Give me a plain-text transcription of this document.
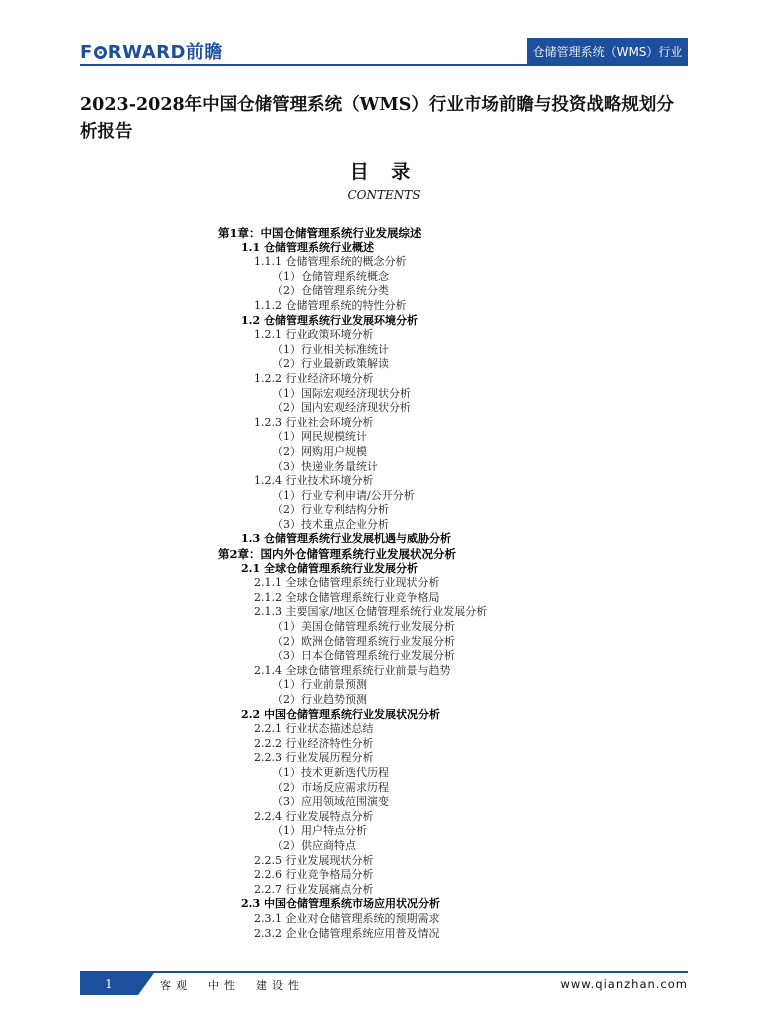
F RWARD前瞻	仓储管理系统（WMS）行业
2023-2028年中国仓储管理系统（WMS）行业市场前瞻与投资战略规划分析报告
目 录
CONTENTS
第1章：中国仓储管理系统行业发展综述
1.1 仓储管理系统行业概述
1.1.1 仓储管理系统的概念分析
（1）仓储管理系统概念
（2）仓储管理系统分类
1.1.2 仓储管理系统的特性分析
1.2 仓储管理系统行业发展环境分析
1.2.1 行业政策环境分析
（1）行业相关标准统计
（2）行业最新政策解读
1.2.2 行业经济环境分析
（1）国际宏观经济现状分析
（2）国内宏观经济现状分析
1.2.3 行业社会环境分析
（1）网民规模统计
（2）网购用户规模
（3）快递业务量统计
1.2.4 行业技术环境分析
（1）行业专利申请/公开分析
（2）行业专利结构分析
（3）技术重点企业分析
1.3 仓储管理系统行业发展机遇与威胁分析
第2章：国内外仓储管理系统行业发展状况分析
2.1 全球仓储管理系统行业发展分析
2.1.1 全球仓储管理系统行业现状分析
2.1.2 全球仓储管理系统行业竞争格局
2.1.3 主要国家/地区仓储管理系统行业发展分析
（1）美国仓储管理系统行业发展分析
（2）欧洲仓储管理系统行业发展分析
（3）日本仓储管理系统行业发展分析
2.1.4 全球仓储管理系统行业前景与趋势
（1）行业前景预测
（2）行业趋势预测
2.2 中国仓储管理系统行业发展状况分析
2.2.1 行业状态描述总结
2.2.2 行业经济特性分析
2.2.3 行业发展历程分析
（1）技术更新迭代历程
（2）市场反应需求历程
（3）应用领域范围演变
2.2.4 行业发展特点分析
（1）用户特点分析
（2）供应商特点
2.2.5 行业发展现状分析
2.2.6 行业竞争格局分析
2.2.7 行业发展痛点分析
2.3 中国仓储管理系统市场应用状况分析
2.3.1 企业对仓储管理系统的预期需求
2.3.2 企业仓储管理系统应用普及情况
1	客观　中性　建设性	www.qianzhan.com
